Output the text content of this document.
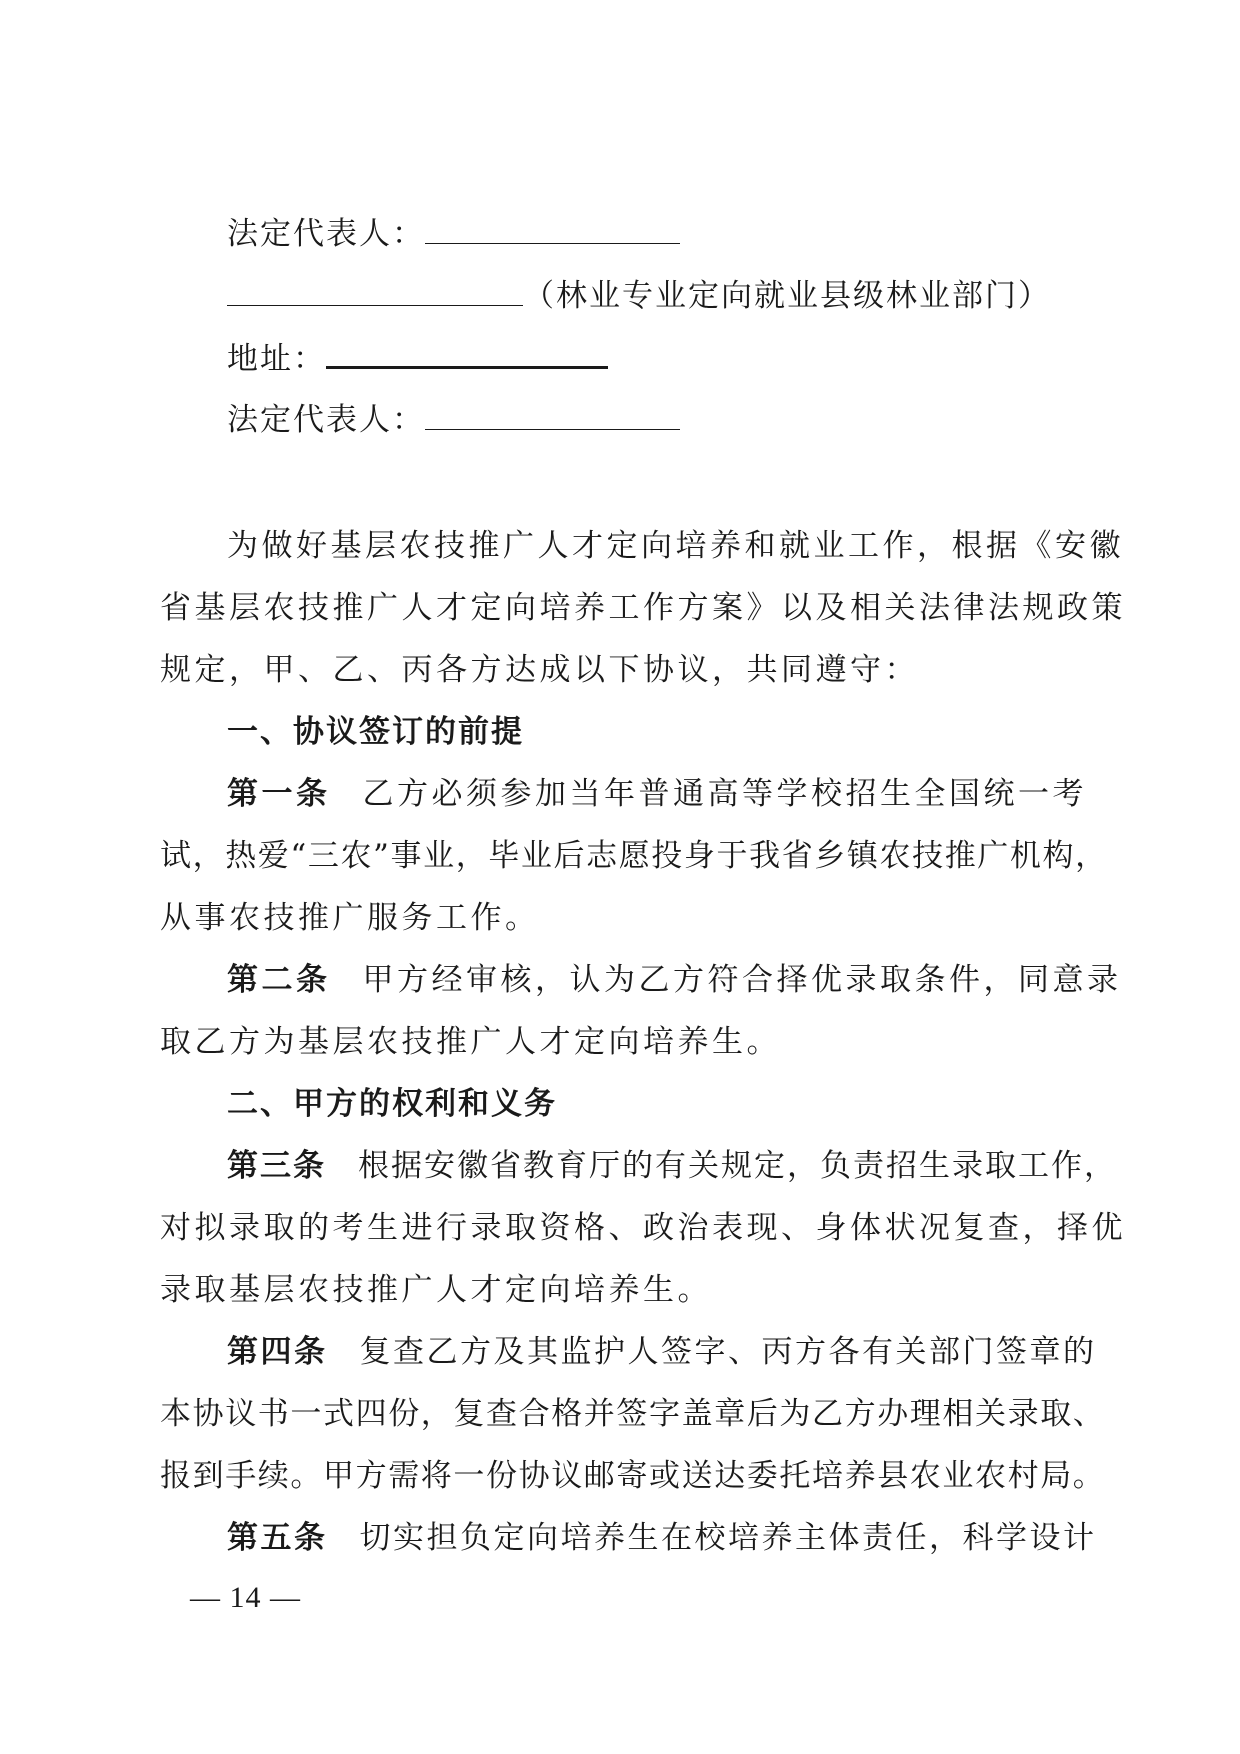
法定代表人：
（林业专业定向就业县级林业部门）
地址：
法定代表人：
为做好基层农技推广人才定向培养和就业工作，根据《安徽
省基层农技推广人才定向培养工作方案》以及相关法律法规政策
规定，甲、乙、丙各方达成以下协议，共同遵守：
一、协议签订的前提
第一条 乙方必须参加当年普通高等学校招生全国统一考
试，热爱“三农”事业，毕业后志愿投身于我省乡镇农技推广机构，
从事农技推广服务工作。
第二条 甲方经审核，认为乙方符合择优录取条件，同意录
取乙方为基层农技推广人才定向培养生。
二、甲方的权利和义务
第三条 根据安徽省教育厅的有关规定，负责招生录取工作，
对拟录取的考生进行录取资格、政治表现、身体状况复查，择优
录取基层农技推广人才定向培养生。
第四条 复查乙方及其监护人签字、丙方各有关部门签章的
本协议书一式四份，复查合格并签字盖章后为乙方办理相关录取、
报到手续。甲方需将一份协议邮寄或送达委托培养县农业农村局。
第五条 切实担负定向培养生在校培养主体责任，科学设计
— 14 —
